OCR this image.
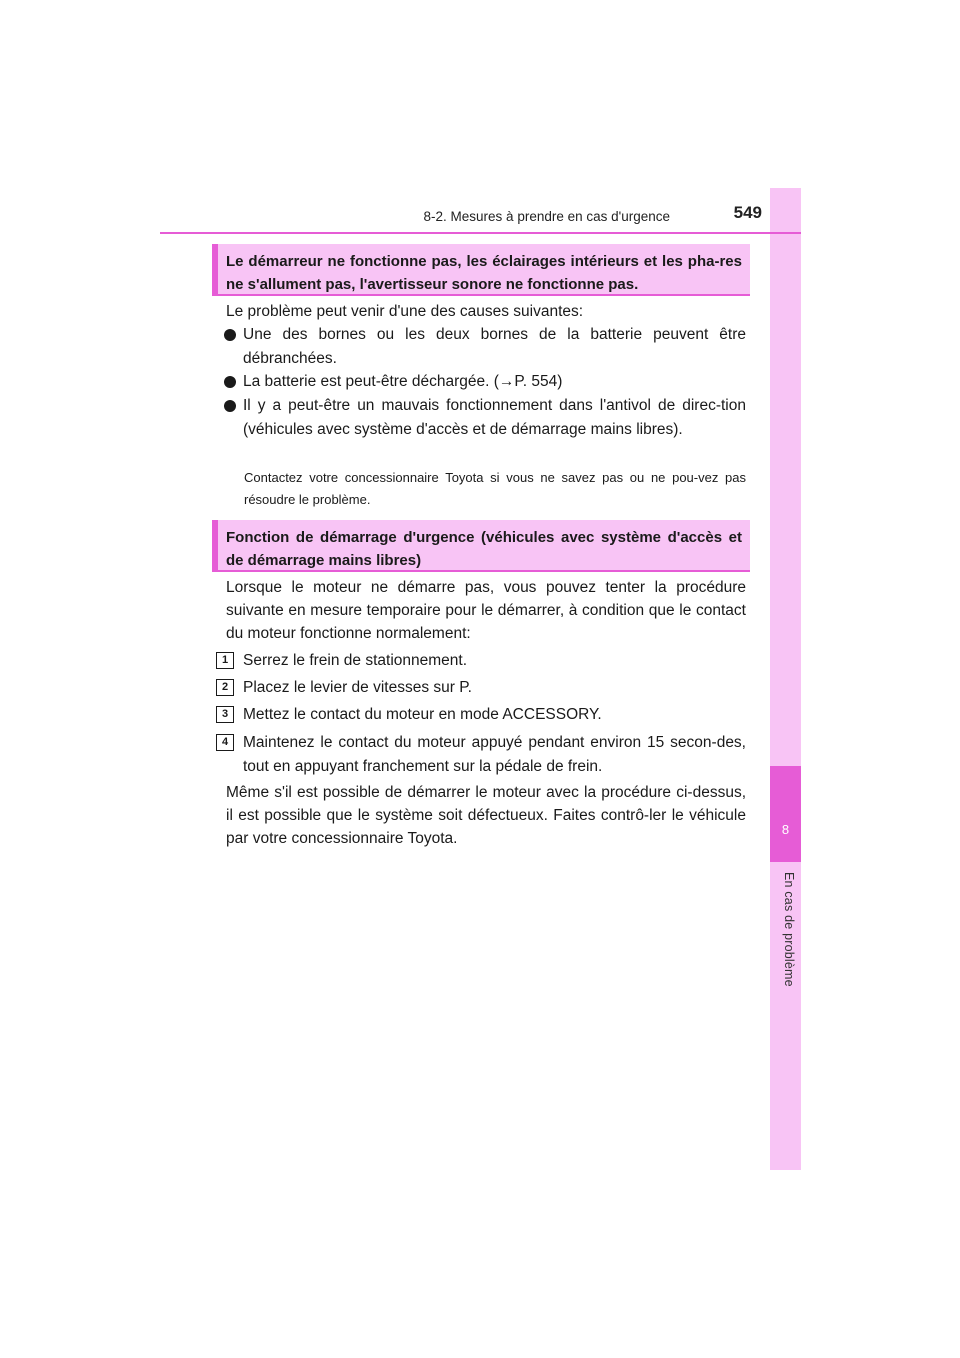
8
En cas de problème
8-2. Mesures à prendre en cas d'urgence	549
Le démarreur ne fonctionne pas, les éclairages intérieurs et les pha-res ne s'allument pas, l'avertisseur sonore ne fonctionne pas.
Le problème peut venir d'une des causes suivantes:
Une des bornes ou les deux bornes de la batterie peuvent être débranchées.
La batterie est peut-être déchargée. (→P. 554)
Il y a peut-être un mauvais fonctionnement dans l'antivol de direc-tion (véhicules avec système d'accès et de démarrage mains libres).
Contactez votre concessionnaire Toyota si vous ne savez pas ou ne pou-vez pas résoudre le problème.
Fonction de démarrage d'urgence (véhicules avec système d'accès et de démarrage mains libres)
Lorsque le moteur ne démarre pas, vous pouvez tenter la procédure suivante en mesure temporaire pour le démarrer, à condition que le contact du moteur fonctionne normalement:
1 Serrez le frein de stationnement.
2 Placez le levier de vitesses sur P.
3 Mettez le contact du moteur en mode ACCESSORY.
4 Maintenez le contact du moteur appuyé pendant environ 15 secon-des, tout en appuyant franchement sur la pédale de frein.
Même s'il est possible de démarrer le moteur avec la procédure ci-dessus, il est possible que le système soit défectueux. Faites contrô-ler le véhicule par votre concessionnaire Toyota.
